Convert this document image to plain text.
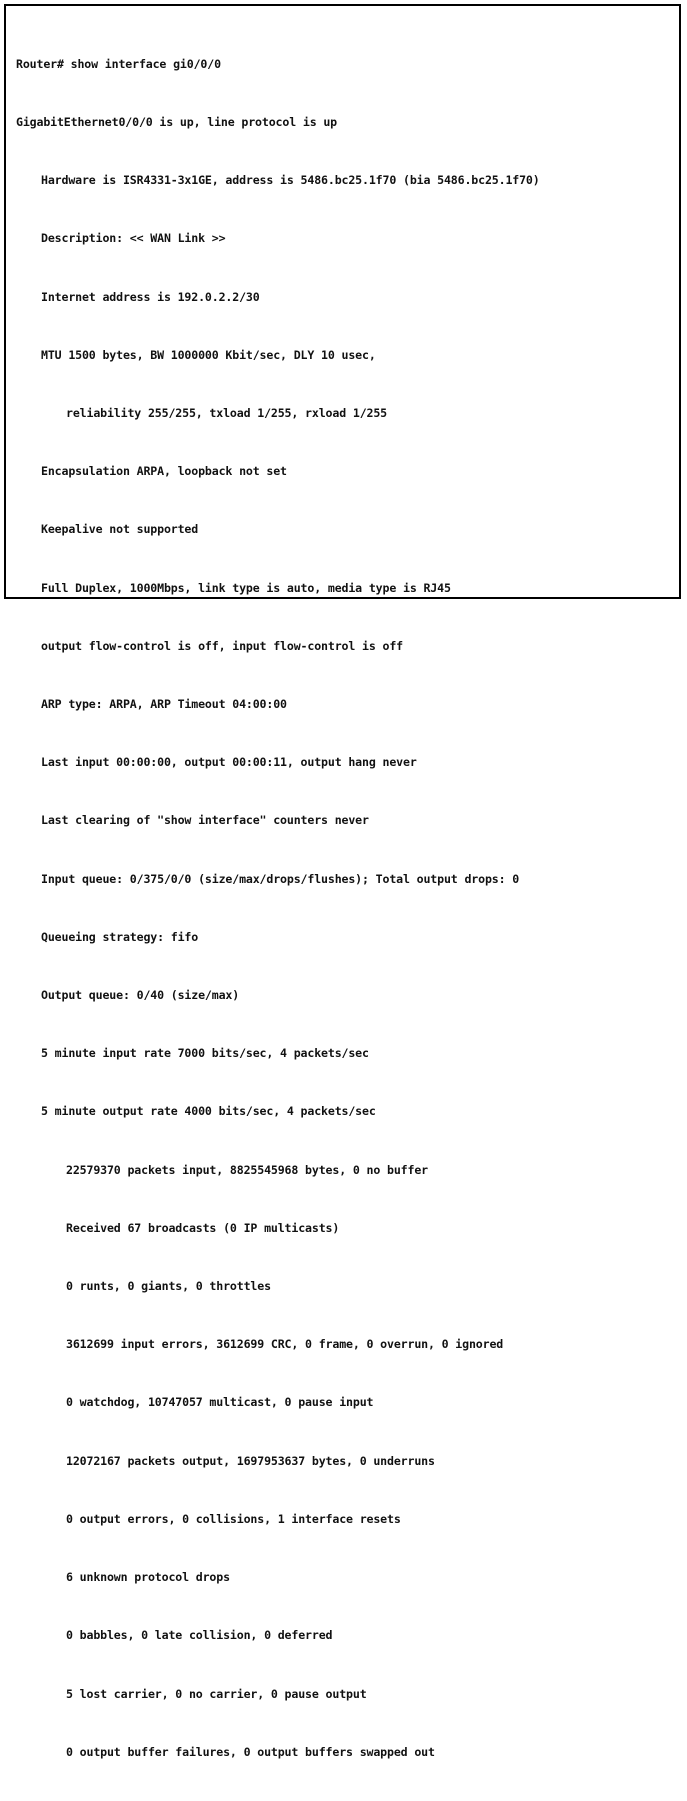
Router# show interface gi0/0/0

GigabitEthernet0/0/0 is up, line protocol is up

Hardware is ISR4331-3x1GE, address is 5486.bc25.1f70 (bia 5486.bc25.1f70)

Description: << WAN Link >>

Internet address is 192.0.2.2/30

MTU 1500 bytes, BW 1000000 Kbit/sec, DLY 10 usec,

reliability 255/255, txload 1/255, rxload 1/255

Encapsulation ARPA, loopback not set

Keepalive not supported

Full Duplex, 1000Mbps, link type is auto, media type is RJ45

output flow-control is off, input flow-control is off

ARP type: ARPA, ARP Timeout 04:00:00

Last input 00:00:00, output 00:00:11, output hang never

Last clearing of "show interface" counters never

Input queue: 0/375/0/0 (size/max/drops/flushes); Total output drops: 0

Queueing strategy: fifo

Output queue: 0/40 (size/max)

5 minute input rate 7000 bits/sec, 4 packets/sec

5 minute output rate 4000 bits/sec, 4 packets/sec

22579370 packets input, 8825545968 bytes, 0 no buffer

Received 67 broadcasts (0 IP multicasts)

0 runts, 0 giants, 0 throttles

3612699 input errors, 3612699 CRC, 0 frame, 0 overrun, 0 ignored

0 watchdog, 10747057 multicast, 0 pause input

12072167 packets output, 1697953637 bytes, 0 underruns

0 output errors, 0 collisions, 1 interface resets

6 unknown protocol drops

0 babbles, 0 late collision, 0 deferred

5 lost carrier, 0 no carrier, 0 pause output

0 output buffer failures, 0 output buffers swapped out
